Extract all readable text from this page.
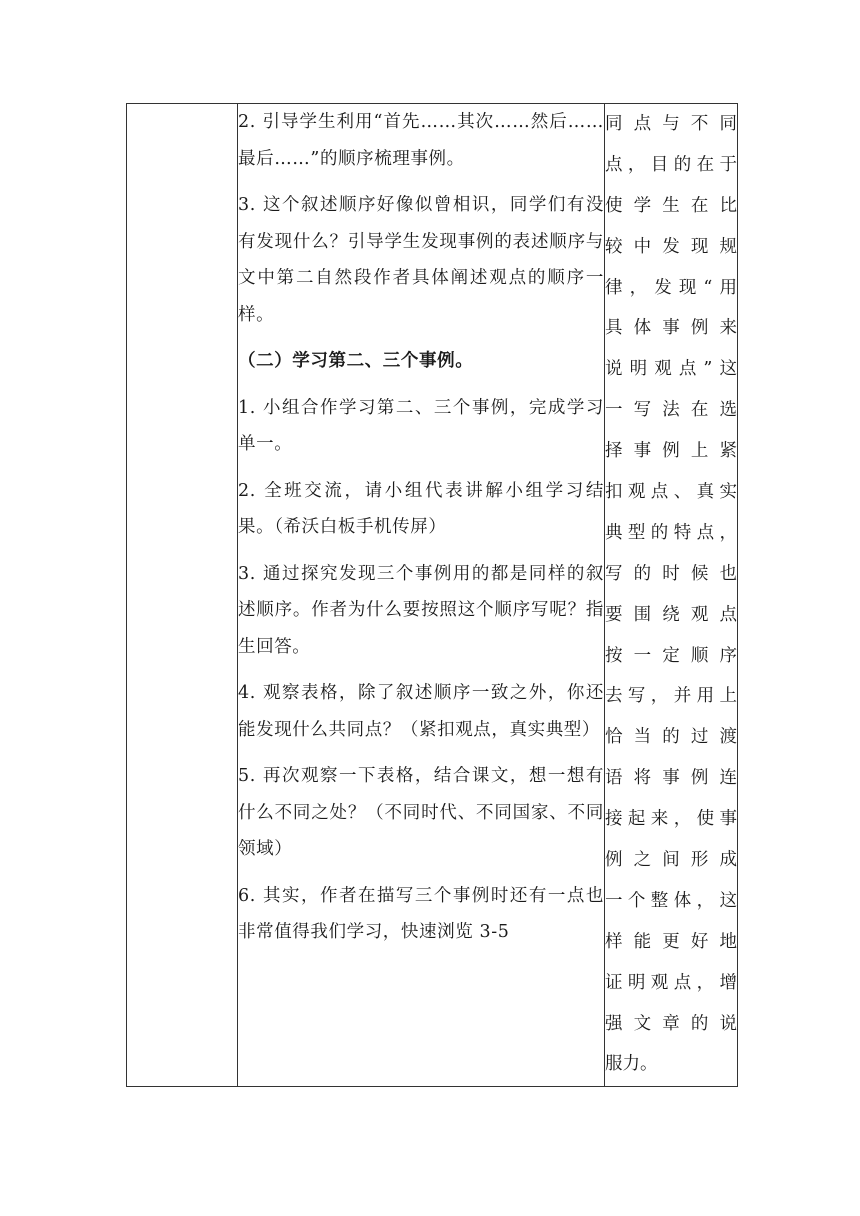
2. 引导学生利用“首先……其次……然后……最后……”的顺序梳理事例。

3. 这个叙述顺序好像似曾相识，同学们有没有发现什么？引导学生发现事例的表述顺序与文中第二自然段作者具体阐述观点的顺序一样。

（二）学习第二、三个事例。

1. 小组合作学习第二、三个事例，完成学习单一。

2. 全班交流，请小组代表讲解小组学习结果。（希沃白板手机传屏）

3. 通过探究发现三个事例用的都是同样的叙述顺序。作者为什么要按照这个顺序写呢？指生回答。

4. 观察表格，除了叙述顺序一致之外，你还能发现什么共同点？（紧扣观点，真实典型）

5. 再次观察一下表格，结合课文，想一想有什么不同之处？（不同时代、不同国家、不同领域）

6. 其实，作者在描写三个事例时还有一点也非常值得我们学习，快速浏览 3-5

同点与不同
点，目的在于
使学生在比
较中发现规
律，发现“用
具体事例来
说明观点”这
一写法在选
择事例上紧
扣观点、真实
典型的特点，
写的时候也
要围绕观点
按一定顺序
去写，并用上
恰当的过渡
语将事例连
接起来，使事
例之间形成
一个整体，这
样能更好地
证明观点，增
强文章的说
服力。
